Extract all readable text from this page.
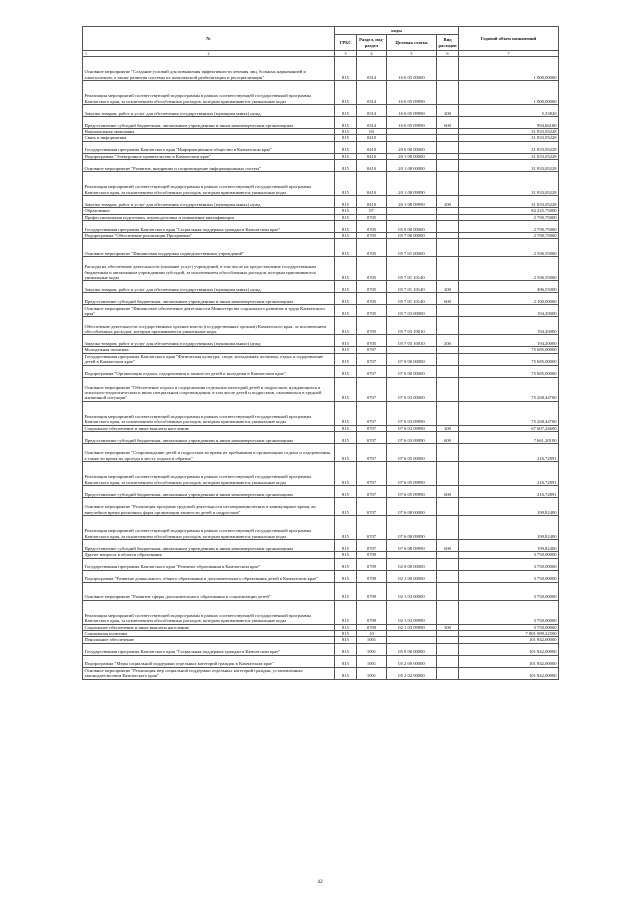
№	коды				Годовой объем назначений
	ГРБС	Раздел, под-раздел	Целевая статья	Вид расходов	

1 2	3	4	5	6	7
Основное мероприятие "Создание условий для повышения эффективности лечения лиц, больных наркоманией и алкоголизмом, а также развития системы их комплексной реабилитации и ресоциализации"	815	0314	16 6 05 00000		1 000,00000
Реализация мероприятий соответствующей подпрограммы в рамках соответствующей государственной программы Камчатского края, за исключением обособленных расходов, которым присваиваются уникальные коды	815	0314	16 6 05 09990		1 000,00000
Закупка товаров, работ и услуг для обеспечения государственных (муниципальных) нужд	815	0314	16 6 05 09990	200	5,33820
Предоставление субсидий бюджетным, автономным учреждениям и иным некоммерческим организациям	815	0314	16 6 05 09990	600	994,66180
Национальная экономика	815	04			31 833,05228
Связь и информатика	815	0410			31 833,05228
Государственная программа Камчатского края "Информационное общество в Камчатском крае"	815	0410	20 0 00 00000		31 833,05228
Подпрограмма "Электронное правительство в Камчатском крае"	815	0410	20 1 00 00000		31 833,05228
Основное мероприятие "Развитие, внедрение и сопровождение информационных систем"	815	0410	20 1 08 00000		31 833,05228
Реализация мероприятий соответствующей подпрограммы в рамках соответствующей государственной программы Камчатского края, за исключением обособленных расходов, которым присваиваются уникальные коды	815	0410	20 1 08 09990		31 833,05228
Закупка товаров, работ и услуг для обеспечения государственных (муниципальных) нужд	815	0410	20 1 08 09990	200	31 833,05228
Образование	815	07			82 225,75000
Профессиональная подготовка, переподготовка и повышение квалификации	815	0705			2 790,75000
Государственная программа Камчатского края "Социальная поддержка граждан в Камчатском крае"	815	0705	05 0 00 00000		2 790,75000
Подпрограмма "Обеспечение реализации Программы"	815	0705	05 7 00 00000		2 790,75000
Основное мероприятие "Финансовая поддержка подведомственных учреждений"	815	0705	05 7 01 00000		2 596,55000
Расходы на обеспечение деятельности (оказание услуг) учреждений, в том числе на предоставление государственным бюджетным и автономным учреждениям субсидий, за исключением обособленных расходов, которым присваиваются уникальные коды	815	0705	05 7 01 10140		2 596,55000
Закупка товаров, работ и услуг для обеспечения государственных (муниципальных) нужд	815	0705	05 7 01 10140	200	496,55000
Предоставление субсидий бюджетным, автономным учреждениям и иным некоммерческим организациям	815	0705	05 7 01 10140	600	2 100,00000
Основное мероприятие "Финансовое обеспечение деятельности Министерства социального развития и труда Камчатского края"	815	0705	05 7 03 00000		194,20000
Обеспечение деятельности государственных органов власти (государственных органов) Камчатского края, за исключением обособленных расходов, которым присваиваются уникальные коды	815	0705	05 7 03 10010		194,20000
Закупка товаров, работ и услуг для обеспечения государственных (муниципальных) нужд	815	0705	05 7 03 10010	200	194,20000
Молодежная политика	815	0707			75 685,00000
Государственная программа Камчатского края "Физическая культура, спорт, молодежная политика, отдых и оздоровление детей в Камчатском крае"	815	0707	07 0 00 00000		75 685,00000
Подпрограмма "Организация отдыха, оздоровления и занятости детей и молодежи в Камчатском крае"	815	0707	07 6 00 00000		75 685,00000
Основное мероприятие "Обеспечение отдыха и оздоровления отдельных категорий детей и подростков, нуждающихся в психолого-педагогическом и ином специальном сопровождении, в том числе детей и подростков, оказавшихся в трудной жизненной ситуации"	815	0707	07 6 03 00000		75 268,44700
Реализация мероприятий соответствующей подпрограммы в рамках соответствующей государственной программы Камчатского края, за исключением обособленных расходов, которым присваиваются уникальные коды	815	0707	07 6 03 09990		75 268,44700
Социальное обеспечение и иные выплаты населению	815	0707	07 6 03 09990	300	67 607,24600
Предоставление субсидий бюджетным, автономным учреждениям и иным некоммерческим организациям	815	0707	07 6 03 09990	600	7 661,20100
Основное мероприятие "Сопровождение детей и подростков во время их пребывания в организациях отдыха и оздоровления, а также во время их проезда к месту отдыха и обратно"	815	0707	07 6 05 00000		216,72891
Реализация мероприятий соответствующей подпрограммы в рамках соответствующей государственной программы Камчатского края, за исключением обособленных расходов, которым присваиваются уникальные коды	815	0707	07 6 05 09990		216,72891
Предоставление субсидий бюджетным, автономным учреждениям и иным некоммерческим организациям	815	0707	07 6 05 09990	600	216,72891
Основное мероприятие "Реализация программ трудовой деятельности несовершеннолетних в каникулярное время, во внеучебное время различных форм организации занятости детей и подростков"	815	0707	07 6 08 00000		199,82400
Реализация мероприятий соответствующей подпрограммы в рамках соответствующей государственной программы Камчатского края, за исключением обособленных расходов, которым присваиваются уникальные коды	815	0707	07 6 08 09990		199,82400
Предоставление субсидий бюджетным, автономным учреждениям и иным некоммерческим организациям	815	0707	07 6 08 09990	600	199,82400
Другие вопросы в области образования	815	0709			3 750,00000
Государственная программа Камчатского края "Развитие образования в Камчатском крае"	815	0709	02 0 00 00000		3 750,00000
Подпрограмма "Развитие дошкольного, общего образования и дополнительного образования детей в Камчатском крае"	815	0709	02 1 00 00000		3 750,00000
Основное мероприятие "Развитие сферы дополнительного образования и социализации детей"	815	0709	02 1 03 00000		3 750,00000
Реализация мероприятий соответствующей подпрограммы в рамках соответствующей государственной программы Камчатского края, за исключением обособленных расходов, которым присваиваются уникальные коды	815	0709	02 1 03 09990		3 750,00000
Социальное обеспечение и иные выплаты населению	815	0709	02 1 03 09990	300	3 750,00000
Социальная политика	815	10			7 801 089,22500
Пенсионное обеспечение	815	1001			101 842,00000
Государственная программа Камчатского края "Социальная поддержка граждан в Камчатском крае"	815	1001	05 0 00 00000		101 842,00000
Подпрограмма "Меры социальной поддержки отдельных категорий граждан в Камчатском крае"	815	1001	05 2 00 00000		101 842,00000
Основное мероприятие "Реализация мер социальной поддержки отдельных категорий граждан, установленных законодательством Камчатского края"	815	1001	05 2 02 00000		101 842,00000
42
